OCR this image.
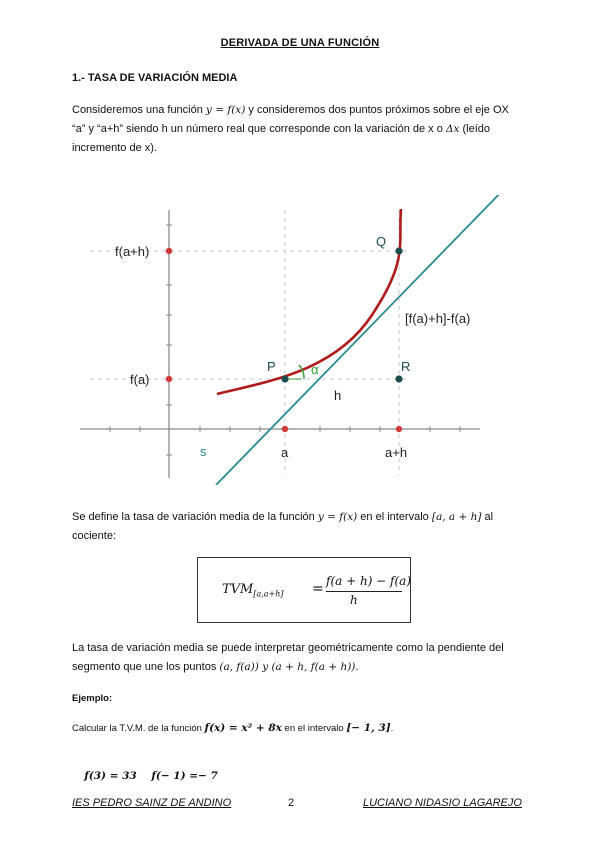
DERIVADA DE UNA FUNCIÓN
1.- TASA DE VARIACIÓN MEDIA
Consideremos una función y = f(x) y consideremos dos puntos próximos sobre el eje OX
“a” y “a+h” siendo h un número real que corresponde con la variación de x o Δx (leído
incremento de x).
f(a+h)
f(a)
a	a+h
P
Q
R
s
h
α
[f(a)+h]-f(a)
Se define la tasa de variación media de la función y = f(x) en el intervalo [a, a + h] al
cociente:
$TVM_{[a,a+h]} = f(a + h) - f(a)$
h
La tasa de variación media se puede interpretar geométricamente como la pendiente del
segmento que une los puntos (a, f(a)) y (a + h, f(a + h)).
Ejemplo:
Calcular la T.V.M. de la función f(x) = x² + 8x en el intervalo [− 1, 3].

f(3) = 33    f(− 1) =− 7

IES PEDRO SAINZ DE ANDINO	2	LUCIANO NIDASIO LAGAREJO
